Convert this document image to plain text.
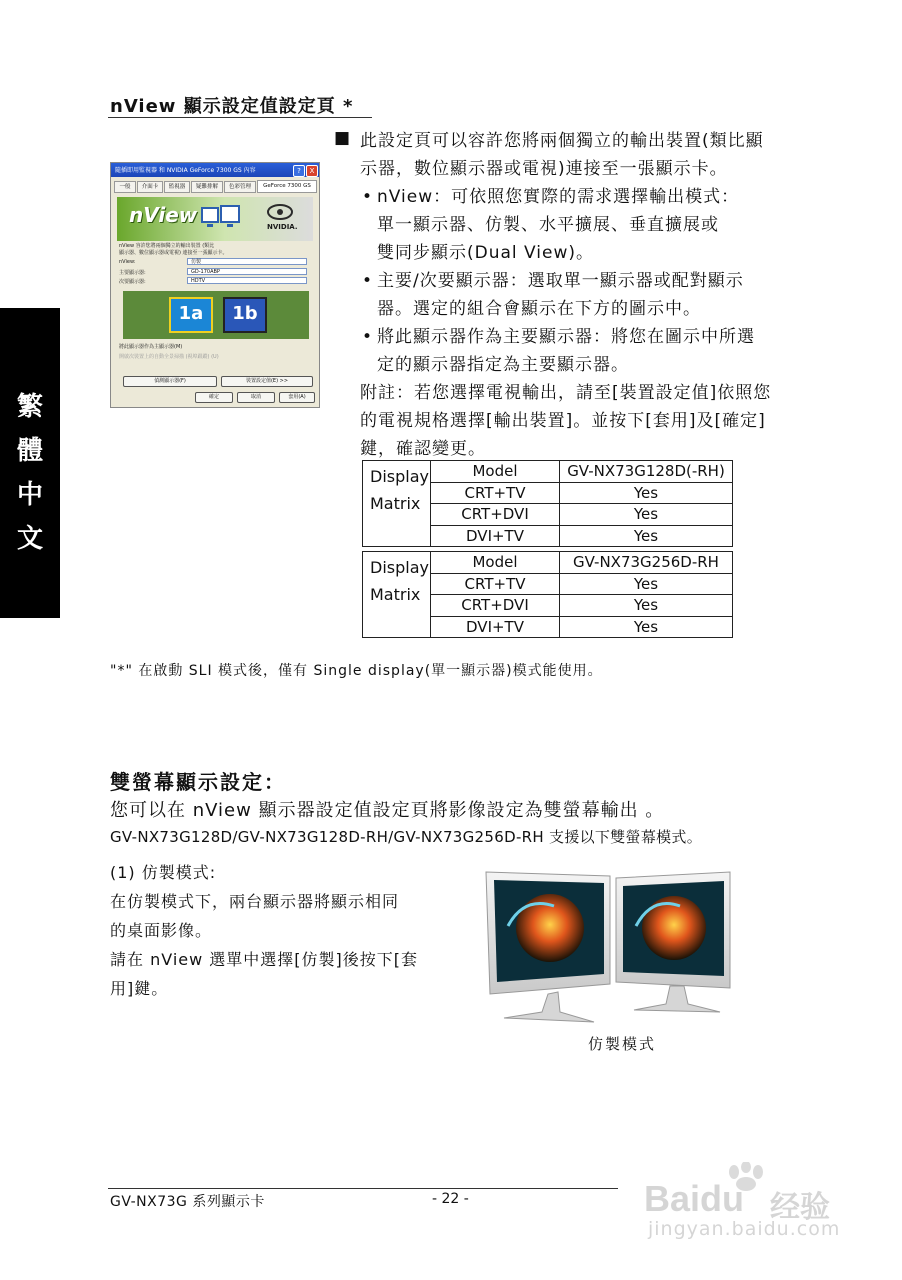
繁
體
中
文
nView 顯示設定值設定頁 *
隨插即用監視器 和 NVIDIA GeForce 7300 GS 內容	?	X
一般	介面卡	監視器	疑難排解	色彩管理	GeForce 7300 GS
nView	NVIDIA.
nView 容許您將兩個獨立的輸出裝置 (類比
顯示器、數位顯示器或電視) 連接至一張顯示卡。
nView:	仿製
主要顯示器:	GD-170ABP
次要顯示器:	HDTV
1a	1b
將此顯示器作為主顯示器(M)
開啟次裝置上的自動全景掃描 (視埠跟蹤) (U)
偵測顯示器(F)	裝置設定值(E) >>
確定	取消	套用(A)
■ 此設定頁可以容許您將兩個獨立的輸出裝置(類比顯
示器，數位顯示器或電視)連接至一張顯示卡。
• nView：可依照您實際的需求選擇輸出模式：
單一顯示器、仿製、水平擴展、垂直擴展或
雙同步顯示(Dual View)。
• 主要/次要顯示器：選取單一顯示器或配對顯示
器。選定的組合會顯示在下方的圖示中。
• 將此顯示器作為主要顯示器：將您在圖示中所選
定的顯示器指定為主要顯示器。
附註：若您選擇電視輸出，請至[裝置設定值]依照您
的電視規格選擇[輸出裝置]。並按下[套用]及[確定]
鍵，確認變更。
Display
Matrix	Model	GV-NX73G128D(-RH)
	CRT+TV	Yes
	CRT+DVI	Yes
	DVI+TV	Yes
Display
Matrix	Model	GV-NX73G256D-RH
	CRT+TV	Yes
	CRT+DVI	Yes
	DVI+TV	Yes
"*" 在啟動 SLI 模式後，僅有 Single display(單一顯示器)模式能使用。
雙螢幕顯示設定：
您可以在 nView 顯示器設定值設定頁將影像設定為雙螢幕輸出 。
GV-NX73G128D/GV-NX73G128D-RH/GV-NX73G256D-RH 支援以下雙螢幕模式。
(1) 仿製模式:
在仿製模式下，兩台顯示器將顯示相同
的桌面影像。
請在 nView 選單中選擇[仿製]後按下[套
用]鍵。
仿製模式
GV-NX73G 系列顯示卡	- 22 -	Baidu 经验
jingyan.baidu.com
